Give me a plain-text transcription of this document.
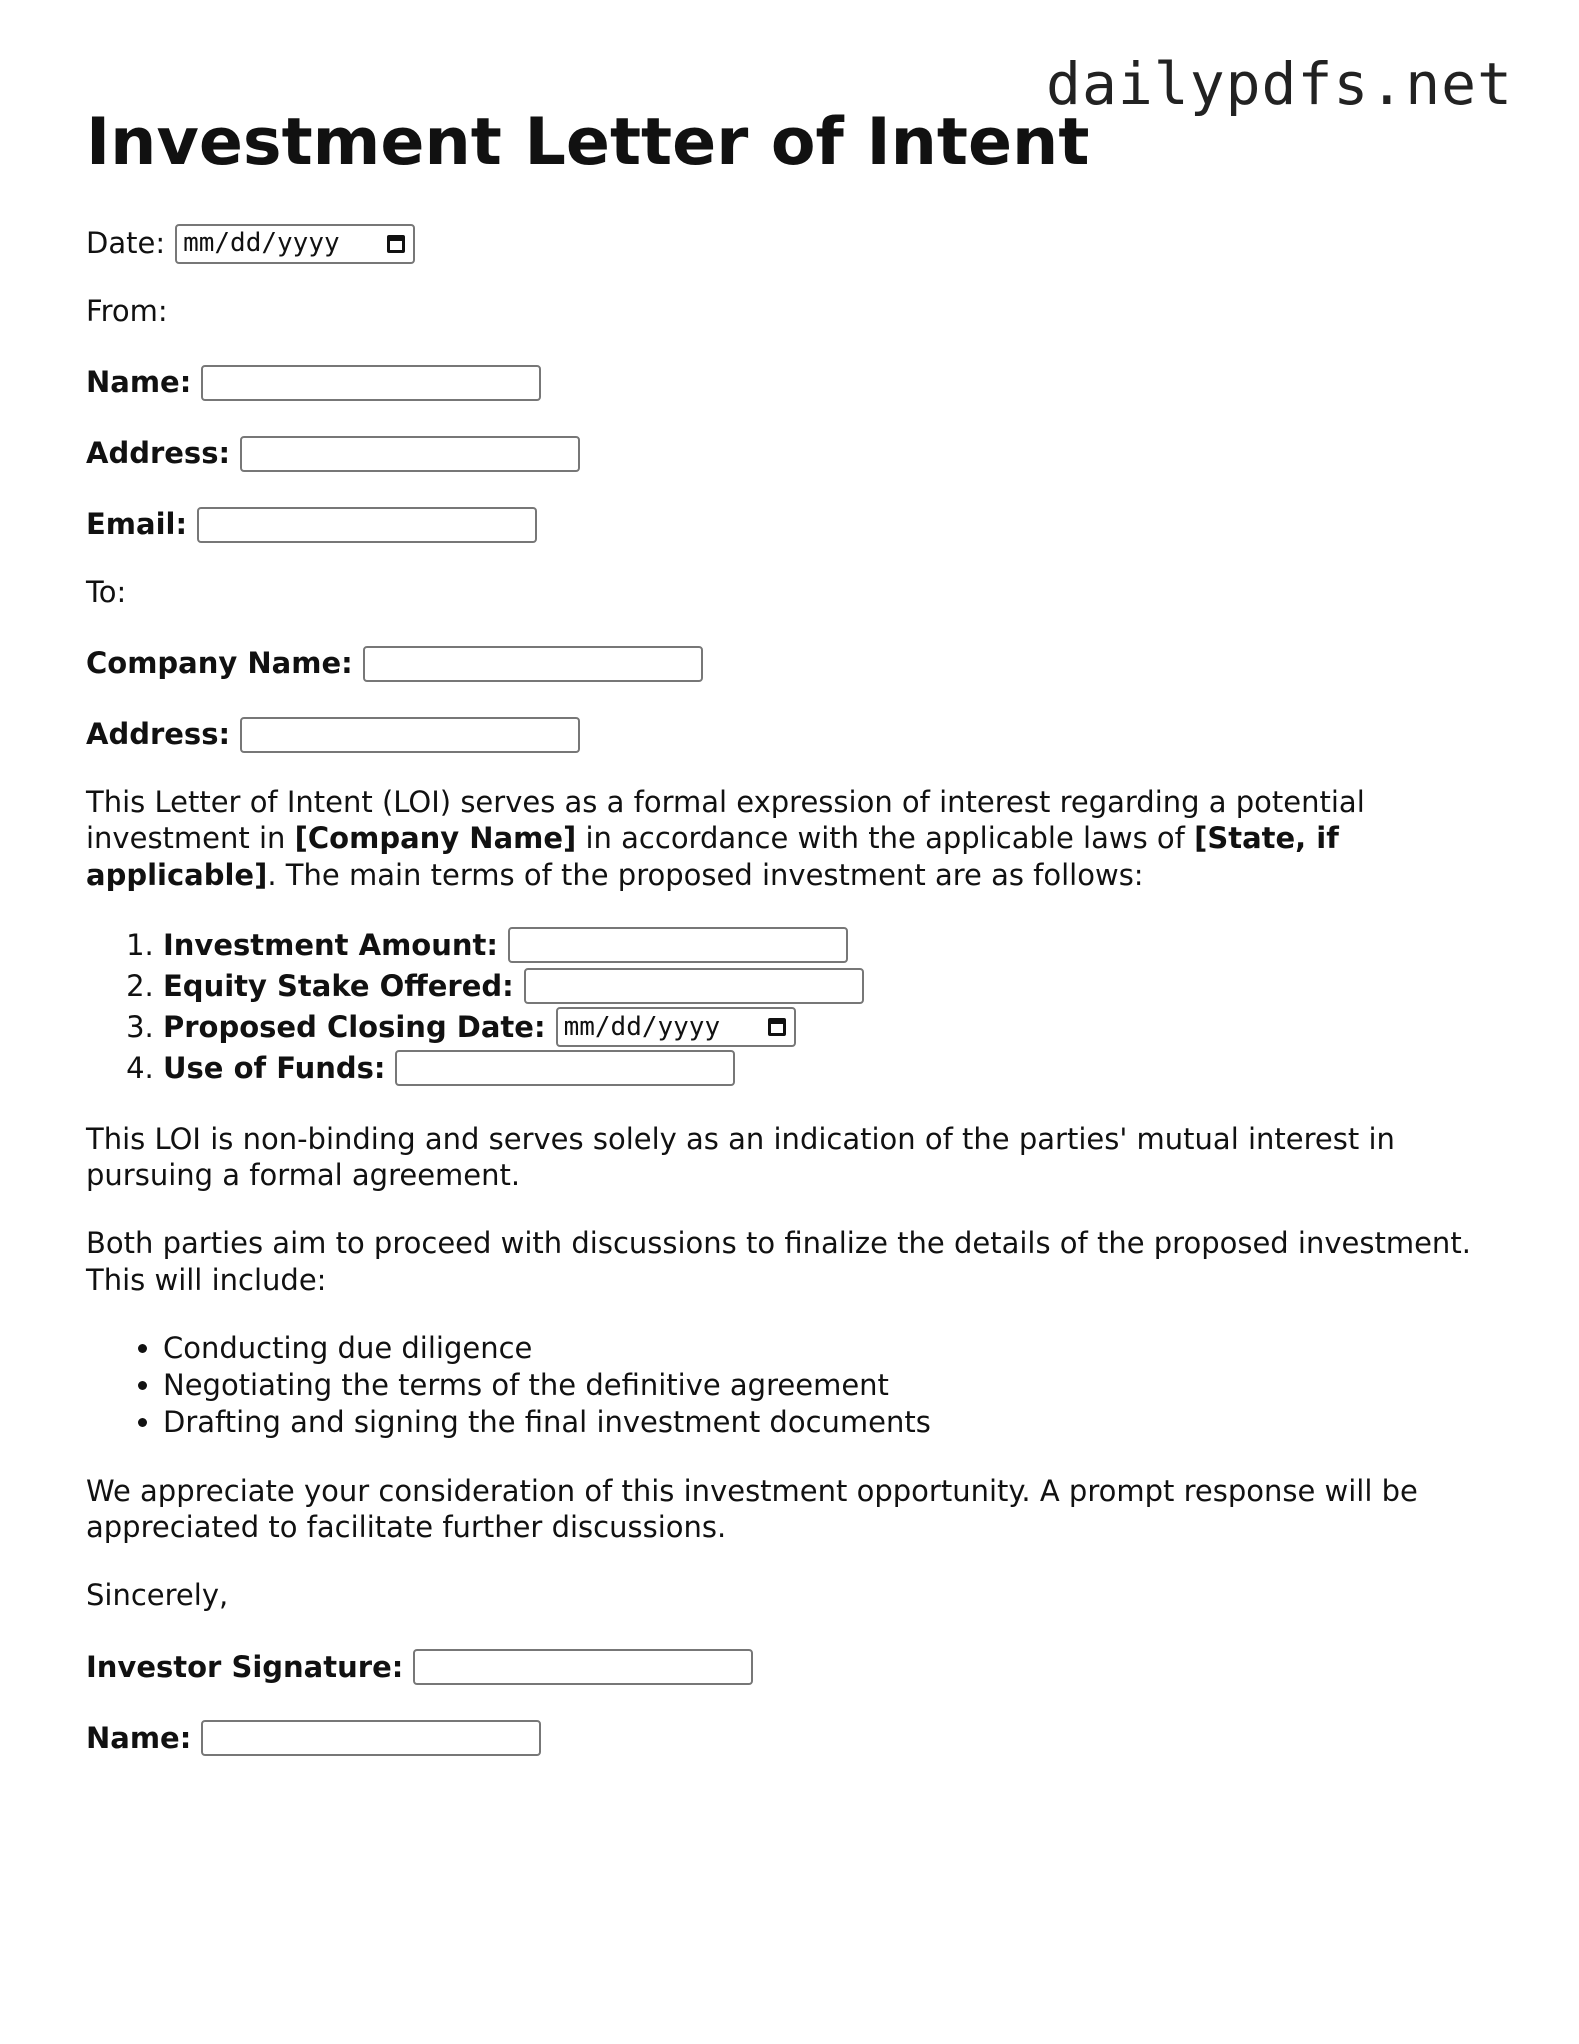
dailypdfs.net
Investment Letter of Intent
Date: mm/dd/yyyy
From:
Name:
Address:
Email:
To:
Company Name:
Address:

This Letter of Intent (LOI) serves as a formal expression of interest regarding a potential investment in [Company Name] in accordance with the applicable laws of [State, if applicable]. The main terms of the proposed investment are as follows:

1. Investment Amount:
2. Equity Stake Offered:
3. Proposed Closing Date: mm/dd/yyyy
4. Use of Funds:

This LOI is non-binding and serves solely as an indication of the parties' mutual interest in pursuing a formal agreement.

Both parties aim to proceed with discussions to finalize the details of the proposed investment. This will include:

• Conducting due diligence
• Negotiating the terms of the definitive agreement
• Drafting and signing the final investment documents

We appreciate your consideration of this investment opportunity. A prompt response will be appreciated to facilitate further discussions.

Sincerely,
Investor Signature:
Name:
